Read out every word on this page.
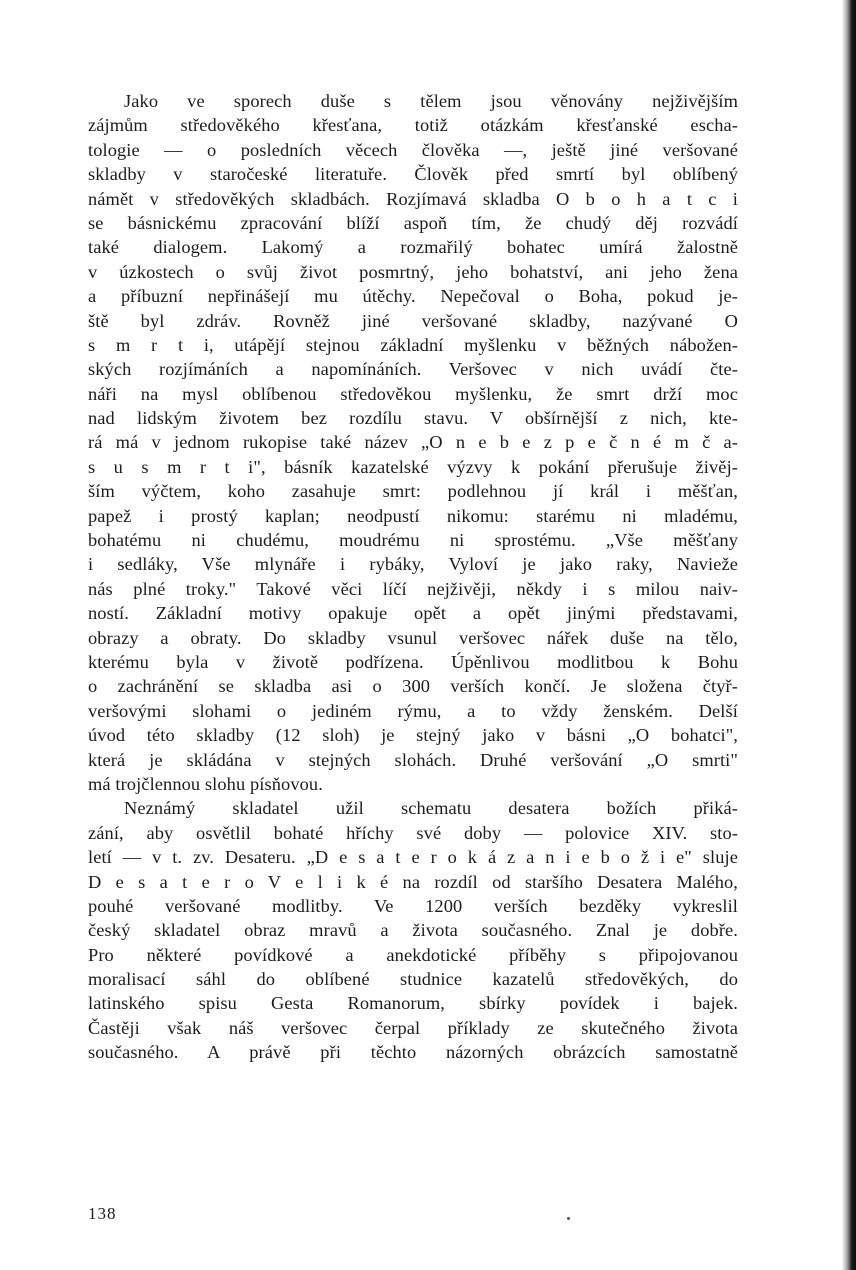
Jako ve sporech duše s tělem jsou věnovány nejživějším
zájmům středověkého křesťana, totiž otázkám křesťanské escha-
tologie — o posledních věcech člověka —, ještě jiné veršované
skladby v staročeské literatuře. Člověk před smrtí byl oblíbený
námět v středověkých skladbách. Rozjímavá skladba O b o h a t c i
se básnickému zpracování blíží aspoň tím, že chudý děj rozvádí
také dialogem. Lakomý a rozmařilý bohatec umírá žalostně
v úzkostech o svůj život posmrtný, jeho bohatství, ani jeho žena
a příbuzní nepřinášejí mu útěchy. Nepečoval o Boha, pokud je-
ště byl zdráv. Rovněž jiné veršované skladby, nazývané O
s m r t i, utápějí stejnou základní myšlenku v běžných nábožen-
ských rozjímáních a napomínáních. Veršovec v nich uvádí čte-
náři na mysl oblíbenou středověkou myšlenku, že smrt drží moc
nad lidským životem bez rozdílu stavu. V obšírnější z nich, kte-
rá má v jednom rukopise také název „O n e b e z p e č n é m č a-
s u s m r t i", básník kazatelské výzvy k pokání přerušuje živěj-
ším výčtem, koho zasahuje smrt: podlehnou jí král i měšťan,
papež i prostý kaplan; neodpustí nikomu: starému ni mladému,
bohatému ni chudému, moudrému ni sprostému. „Vše měšťany
i sedláky, Vše mlynáře i rybáky, Vyloví je jako raky, Navieže
nás plné troky." Takové věci líčí nejživěji, někdy i s milou naiv-
ností. Základní motivy opakuje opět a opět jinými představami,
obrazy a obraty. Do skladby vsunul veršovec nářek duše na tělo,
kterému byla v životě podřízena. Úpěnlivou modlitbou k Bohu
o zachránění se skladba asi o 300 verších končí. Je složena čtyř-
veršovými slohami o jediném rýmu, a to vždy ženském. Delší
úvod této skladby (12 sloh) je stejný jako v básni „O bohatci",
která je skládána v stejných slohách. Druhé veršování „O smrti"
má trojčlennou slohu písňovou.
Neznámý skladatel užil schematu desatera božích přiká-
zání, aby osvětlil bohaté hříchy své doby — polovice XIV. sto-
letí — v t. zv. Desateru. „D e s a t e r o k á z a n i e b o ž i e" sluje
D e s a t e r o V e l i k é na rozdíl od staršího Desatera Malého,
pouhé veršované modlitby. Ve 1200 verších bezděky vykreslil
český skladatel obraz mravů a života současného. Znal je dobře.
Pro některé povídkové a anekdotické příběhy s připojovanou
moralisací sáhl do oblíbené studnice kazatelů středověkých, do
latinského spisu Gesta Romanorum, sbírky povídek i bajek.
Častěji však náš veršovec čerpal příklady ze skutečného života
současného. A právě při těchto názorných obrázcích samostatně
138
